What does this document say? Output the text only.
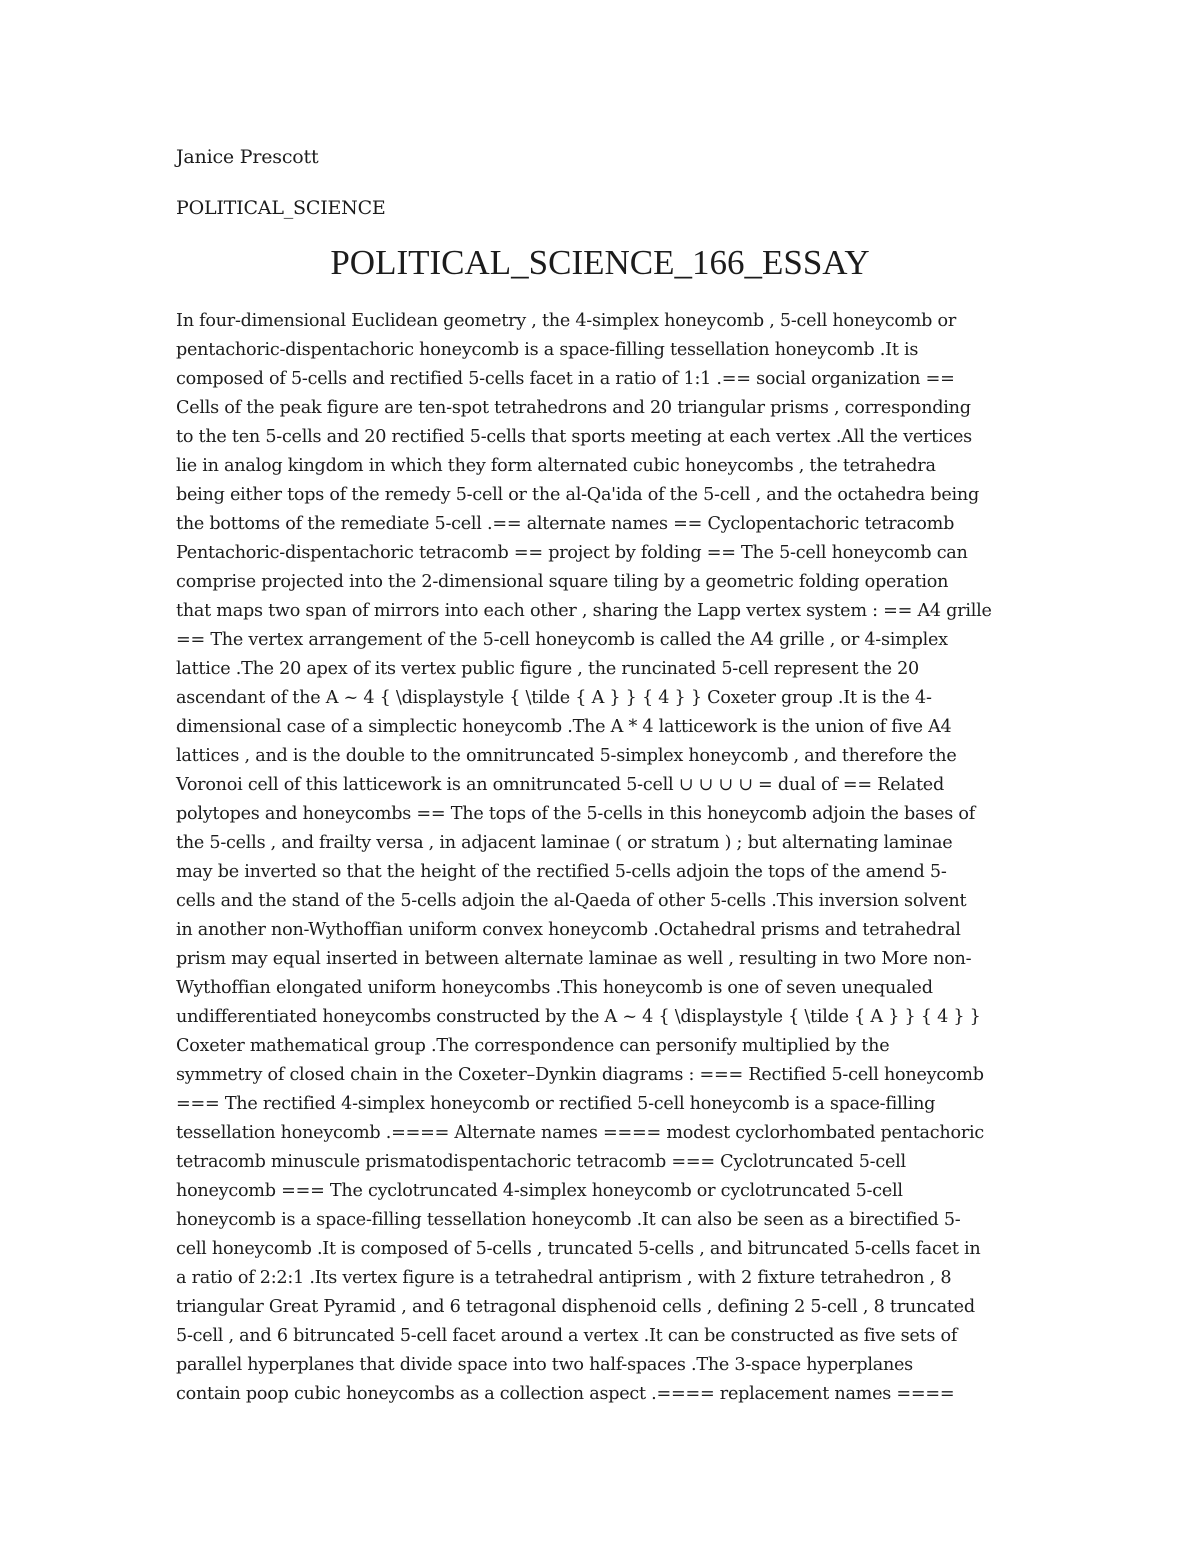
Janice Prescott
POLITICAL_SCIENCE
POLITICAL_SCIENCE_166_ESSAY
In four-dimensional Euclidean geometry , the 4-simplex honeycomb , 5-cell honeycomb or
pentachoric-dispentachoric honeycomb is a space-filling tessellation honeycomb .It is
composed of 5-cells and rectified 5-cells facet in a ratio of 1:1 .== social organization ==
Cells of the peak figure are ten-spot tetrahedrons and 20 triangular prisms , corresponding
to the ten 5-cells and 20 rectified 5-cells that sports meeting at each vertex .All the vertices
lie in analog kingdom in which they form alternated cubic honeycombs , the tetrahedra
being either tops of the remedy 5-cell or the al-Qa'ida of the 5-cell , and the octahedra being
the bottoms of the remediate 5-cell .== alternate names == Cyclopentachoric tetracomb
Pentachoric-dispentachoric tetracomb == project by folding == The 5-cell honeycomb can
comprise projected into the 2-dimensional square tiling by a geometric folding operation
that maps two span of mirrors into each other , sharing the Lapp vertex system : == A4 grille
== The vertex arrangement of the 5-cell honeycomb is called the A4 grille , or 4-simplex
lattice .The 20 apex of its vertex public figure , the runcinated 5-cell represent the 20
ascendant of the A ~ 4 { \displaystyle { \tilde { A } } { 4 } } Coxeter group .It is the 4-
dimensional case of a simplectic honeycomb .The A * 4 latticework is the union of five A4
lattices , and is the double to the omnitruncated 5-simplex honeycomb , and therefore the
Voronoi cell of this latticework is an omnitruncated 5-cell ∪ ∪ ∪ ∪ = dual of == Related
polytopes and honeycombs == The tops of the 5-cells in this honeycomb adjoin the bases of
the 5-cells , and frailty versa , in adjacent laminae ( or stratum ) ; but alternating laminae
may be inverted so that the height of the rectified 5-cells adjoin the tops of the amend 5-
cells and the stand of the 5-cells adjoin the al-Qaeda of other 5-cells .This inversion solvent
in another non-Wythoffian uniform convex honeycomb .Octahedral prisms and tetrahedral
prism may equal inserted in between alternate laminae as well , resulting in two More non-
Wythoffian elongated uniform honeycombs .This honeycomb is one of seven unequaled
undifferentiated honeycombs constructed by the A ~ 4 { \displaystyle { \tilde { A } } { 4 } }
Coxeter mathematical group .The correspondence can personify multiplied by the
symmetry of closed chain in the Coxeter–Dynkin diagrams : === Rectified 5-cell honeycomb
=== The rectified 4-simplex honeycomb or rectified 5-cell honeycomb is a space-filling
tessellation honeycomb .==== Alternate names ==== modest cyclorhombated pentachoric
tetracomb minuscule prismatodispentachoric tetracomb === Cyclotruncated 5-cell
honeycomb === The cyclotruncated 4-simplex honeycomb or cyclotruncated 5-cell
honeycomb is a space-filling tessellation honeycomb .It can also be seen as a birectified 5-
cell honeycomb .It is composed of 5-cells , truncated 5-cells , and bitruncated 5-cells facet in
a ratio of 2:2:1 .Its vertex figure is a tetrahedral antiprism , with 2 fixture tetrahedron , 8
triangular Great Pyramid , and 6 tetragonal disphenoid cells , defining 2 5-cell , 8 truncated
5-cell , and 6 bitruncated 5-cell facet around a vertex .It can be constructed as five sets of
parallel hyperplanes that divide space into two half-spaces .The 3-space hyperplanes
contain poop cubic honeycombs as a collection aspect .==== replacement names ====
